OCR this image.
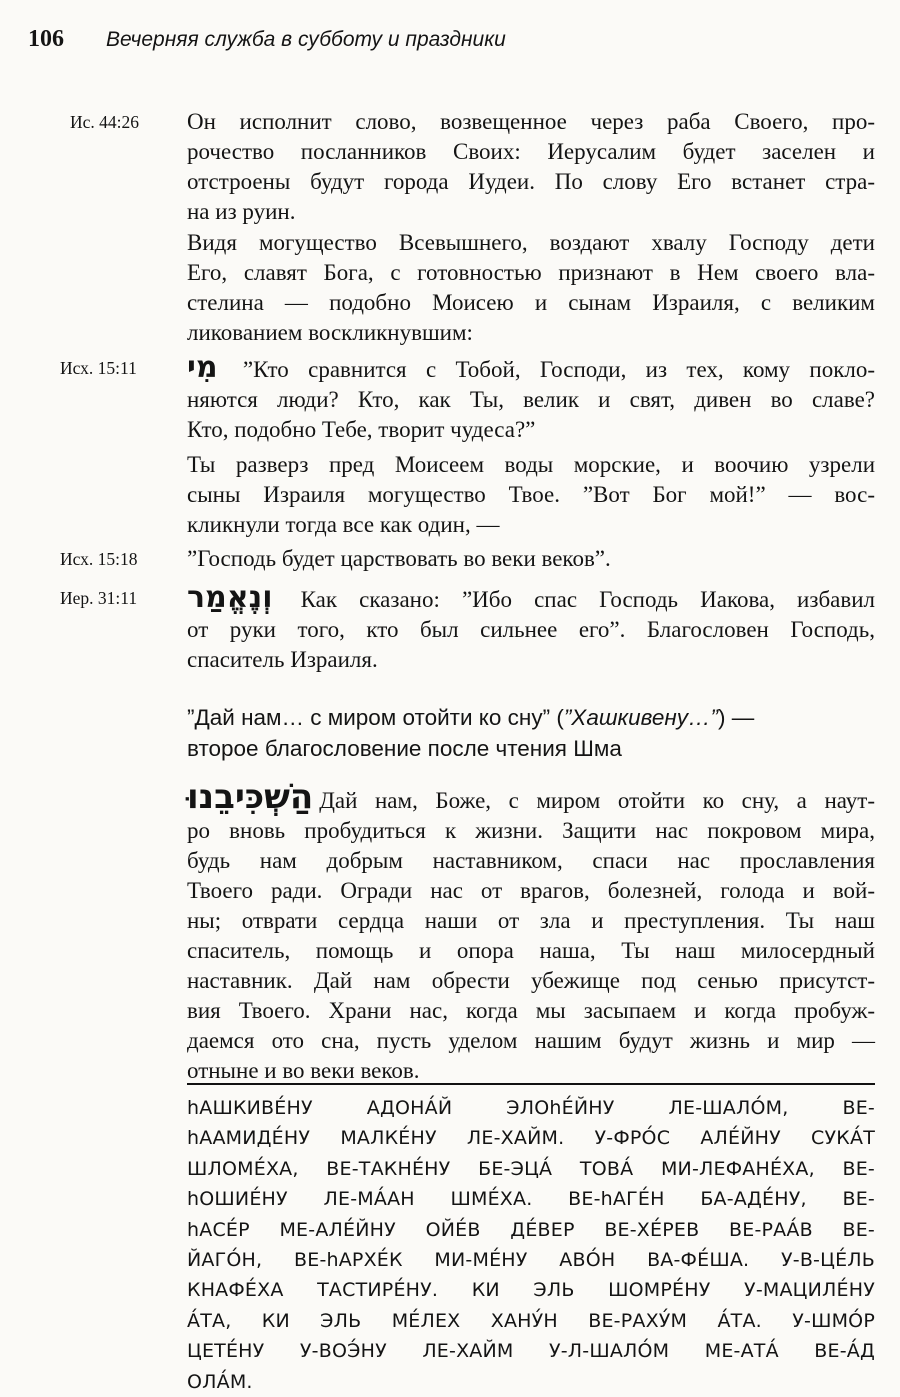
106 Вечерняя служба в субботу и праздники
Ис. 44:26	Он исполнит слово, возвещенное через раба Своего, про-
рочество посланников Своих: Иерусалим будет заселен и
отстроены будут города Иудеи. По слову Его встанет стра-
на из руин.
Видя могущество Всевышнего, воздают хвалу Господу дети
Его, славят Бога, с готовностью признают в Нем своего вла-
стелина — подобно Моисею и сынам Израиля, с великим
ликованием воскликнувшим:
Исх. 15:11	מִי ”Кто сравнится с Тобой, Господи, из тех, кому покло-
няются люди? Кто, как Ты, велик и свят, дивен во славе?
Кто, подобно Тебе, творит чудеса?”
Ты разверз пред Моисеем воды морские, и воочию узрели
сыны Израиля могущество Твое. ”Вот Бог мой!” — вос-
кликнули тогда все как один, —
Исх. 15:18	”Господь будет царствовать во веки веков”.
Иер. 31:11	וְנֶאֱמַר Как сказано: ”Ибо спас Господь Иакова, избавил
от руки того, кто был сильнее его”. Благословен Господь,
спаситель Израиля.
”Дай нам… с миром отойти ко сну” (”Хашкивену…”) —
второе благословение после чтения Шма
הַשְׁכִּיבֵנוּ Дай нам, Боже, с миром отойти ко сну, а наут-
ро вновь пробудиться к жизни. Защити нас покровом мира,
будь нам добрым наставником, спаси нас прославления
Твоего ради. Огради нас от врагов, болезней, голода и вой-
ны; отврати сердца наши от зла и преступления. Ты наш
спаситель, помощь и опора наша, Ты наш милосердный
наставник. Дай нам обрести убежище под сенью присутст-
вия Твоего. Храни нас, когда мы засыпаем и когда пробуж-
даемся ото сна, пусть уделом нашим будут жизнь и мир —
отныне и во веки веков.
hАШКИВЕ́НУ АДОНА́Й ЭЛОhЕ́ЙНУ ЛЕ-ШАЛО́М, ВЕ-
hААМИДЕ́НУ МАЛКЕ́НУ ЛЕ-ХАЙМ. У-ФРО́С АЛЕ́ЙНУ СУКА́Т
ШЛОМЕ́ХА, ВЕ-ТАКНЕ́НУ БЕ-ЭЦА́ ТОВА́ МИ-ЛЕФАНЕ́ХА, ВЕ-
hОШИЕ́НУ ЛЕ-МА́АН ШМЕ́ХА. ВЕ-hАГЕ́Н БА-АДЕ́НУ, ВЕ-
hАСЕ́Р МЕ-АЛЕ́ЙНУ ОЙЕ́В ДЕ́ВЕР ВЕ-ХЕ́РЕВ ВЕ-РАА́В ВЕ-
ЙАГО́Н, ВЕ-hАРХЕ́К МИ-МЕ́НУ АВО́Н ВА-ФЕ́ША. У-В-ЦЕ́ЛЬ
КНАФЕ́ХА ТАСТИРЕ́НУ. КИ ЭЛЬ ШОМРЕ́НУ У-МАЦИЛЕ́НУ
А́ТА, КИ ЭЛЬ МЕ́ЛЕХ ХАНУ́Н ВЕ-РАХУ́М А́ТА. У-ШМО́Р
ЦЕТЕ́НУ У-ВОЭ́НУ ЛЕ-ХАЙМ У-Л-ШАЛО́М МЕ-АТА́ ВЕ-А́Д
ОЛА́М.
